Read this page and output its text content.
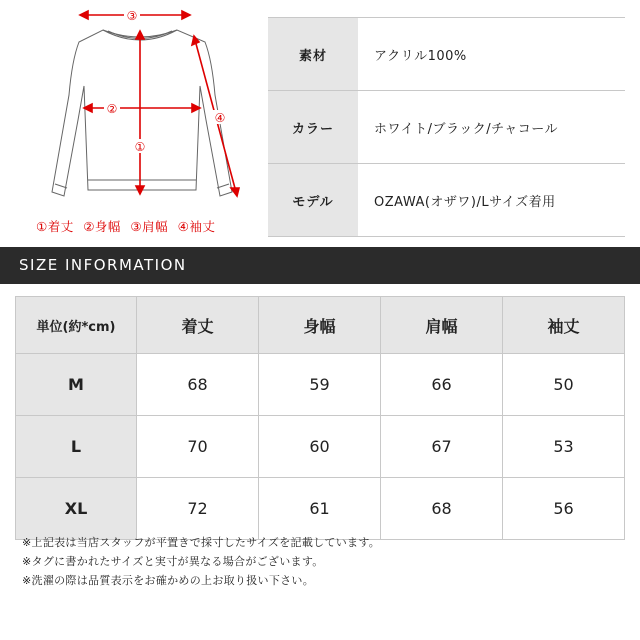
③
②
①
④
①着丈 ②身幅 ③肩幅 ④袖丈
素材	アクリル100%
カラー	ホワイト/ブラック/チャコール
モデル	OZAWA(オザワ)/Lサイズ着用
SIZE INFORMATION
単位(約*cm)	着丈	身幅	肩幅	袖丈
M	68	59	66	50
L	70	60	67	53
XL	72	61	68	56
※上記表は当店スタッフが平置きで採寸したサイズを記載しています。
※タグに書かれたサイズと実寸が異なる場合がございます。
※洗濯の際は品質表示をお確かめの上お取り扱い下さい。
